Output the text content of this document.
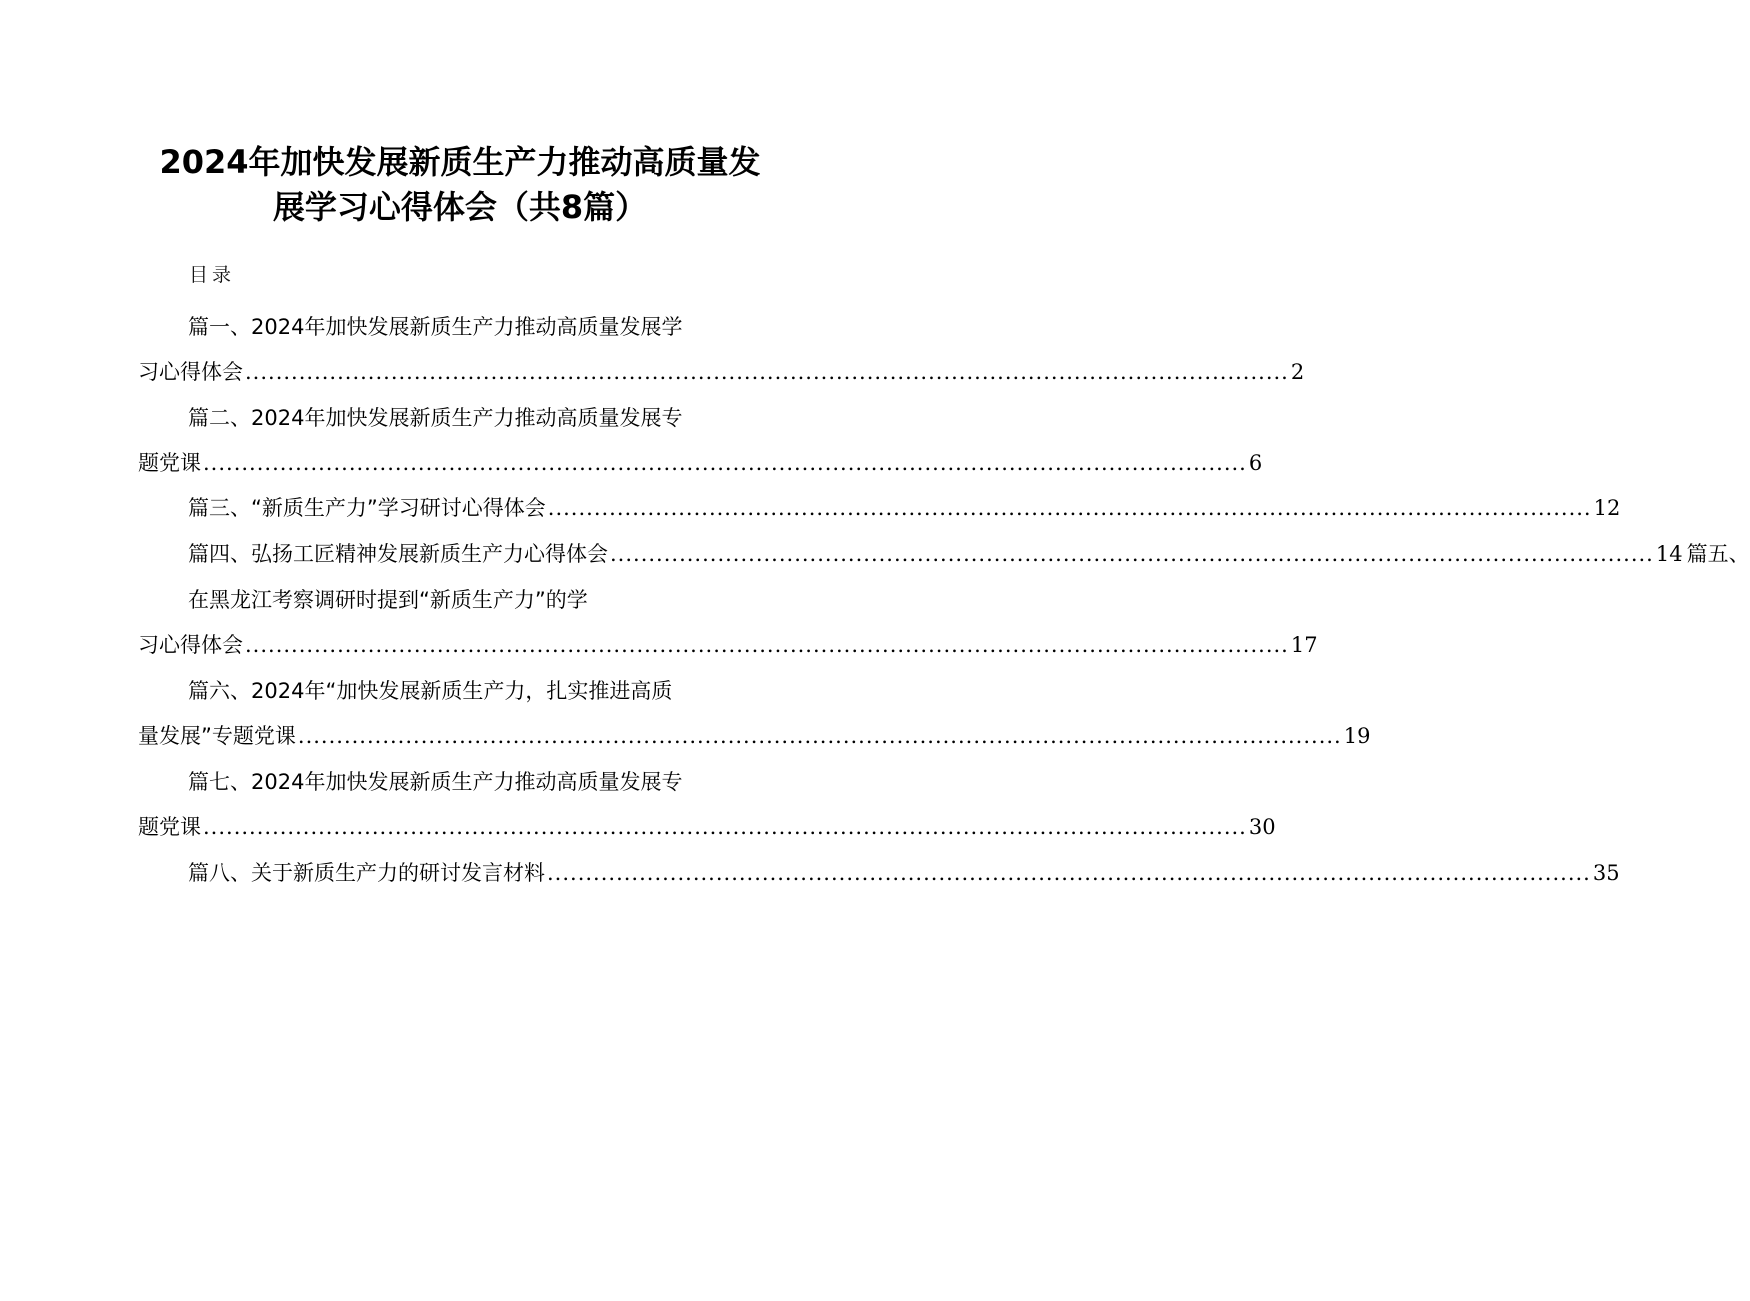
2024年加快发展新质生产力推动高质量发
展学习心得体会（共8篇）
目录
篇一、2024年加快发展新质生产力推动高质量发展学
习心得体会 ........................................................................................................................................ 2
篇二、2024年加快发展新质生产力推动高质量发展专
题党课 ........................................................................................................................................ 6
篇三、“新质生产力”学习研讨心得体会 ........................................................................................................................................ 12
篇四、弘扬工匠精神发展新质生产力心得体会 ........................................................................................................................................ 14 篇五、
在黑龙江考察调研时提到“新质生产力”的学
习心得体会 ........................................................................................................................................ 17
篇六、2024年“加快发展新质生产力，扎实推进高质
量发展”专题党课 ........................................................................................................................................ 19
篇七、2024年加快发展新质生产力推动高质量发展专
题党课 ........................................................................................................................................ 30
篇八、关于新质生产力的研讨发言材料 ........................................................................................................................................ 35
